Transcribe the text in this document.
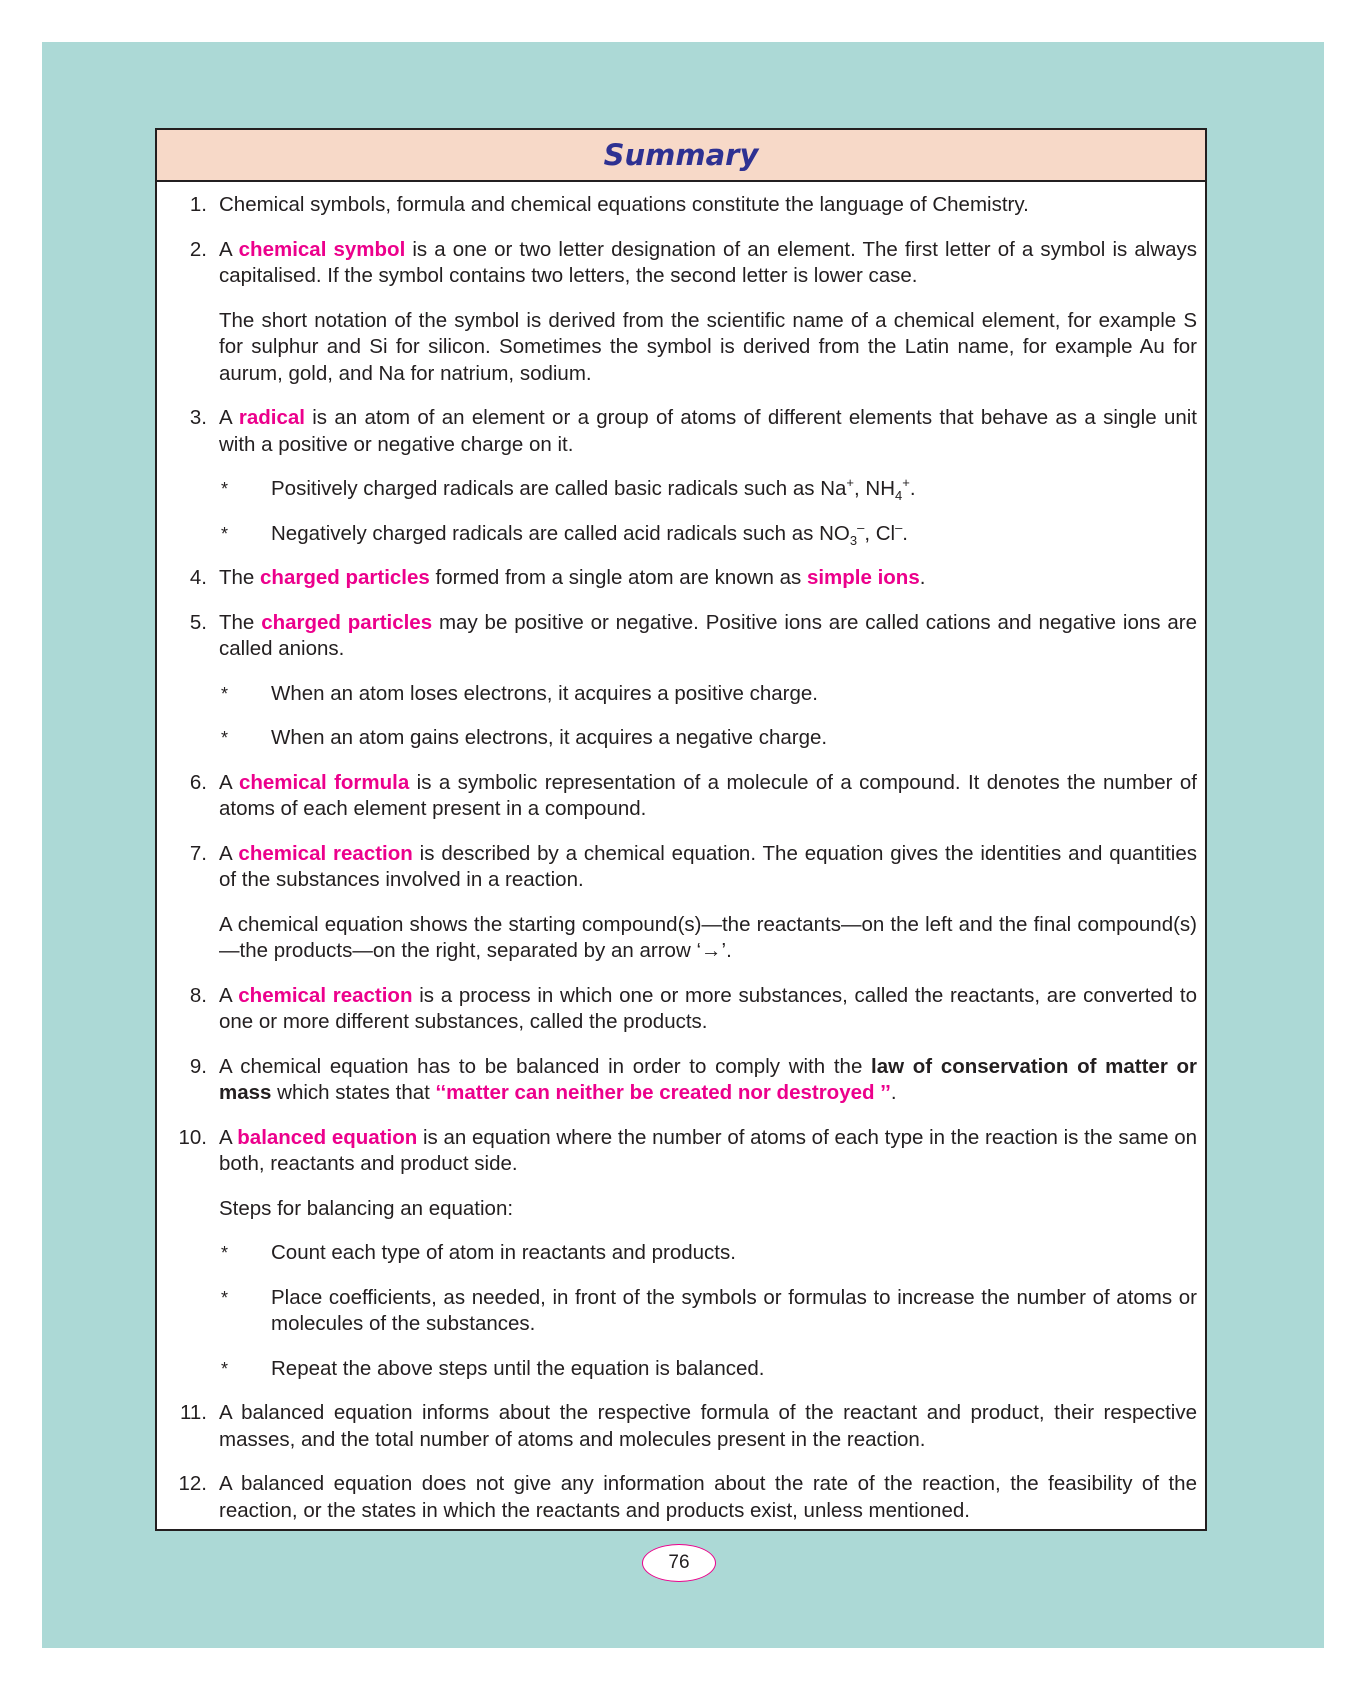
Summary
1. Chemical symbols, formula and chemical equations constitute the language of Chemistry.

2. A chemical symbol is a one or two letter designation of an element. The first letter of a symbol is always capitalised. If the symbol contains two letters, the second letter is lower case.

The short notation of the symbol is derived from the scientific name of a chemical element, for example S for sulphur and Si for silicon. Sometimes the symbol is derived from the Latin name, for example Au for aurum, gold, and Na for natrium, sodium.

3. A radical is an atom of an element or a group of atoms of different elements that behave as a single unit with a positive or negative charge on it.

*	Positively charged radicals are called basic radicals such as Na+, $NH_4^+$.
*	Negatively charged radicals are called acid radicals such as $NO_3^-$, Cl–.
4. The charged particles formed from a single atom are known as simple ions.

5. The charged particles may be positive or negative. Positive ions are called cations and negative ions are called anions.

*	When an atom loses electrons, it acquires a positive charge.
*	When an atom gains electrons, it acquires a negative charge.
6. A chemical formula is a symbolic representation of a molecule of a compound. It denotes the number of atoms of each element present in a compound.

7. A chemical reaction is described by a chemical equation. The equation gives the identities and quantities of the substances involved in a reaction.

A chemical equation shows the starting compound(s)—the reactants—on the left and the final compound(s)—the products—on the right, separated by an arrow ‘→’.

8. A chemical reaction is a process in which one or more substances, called the reactants, are converted to one or more different substances, called the products.

9. A chemical equation has to be balanced in order to comply with the law of conservation of matter or mass which states that ‘‘matter can neither be created nor destroyed ’’.

10. A balanced equation is an equation where the number of atoms of each type in the reaction is the same on both, reactants and product side.

Steps for balancing an equation:

*	Count each type of atom in reactants and products.
*	Place coefficients, as needed, in front of the symbols or formulas to increase the number of atoms or molecules of the substances.
*	Repeat the above steps until the equation is balanced.
11. A balanced equation informs about the respective formula of the reactant and product, their respective masses, and the total number of atoms and molecules present in the reaction.

12. A balanced equation does not give any information about the rate of the reaction, the feasibility of the reaction, or the states in which the reactants and products exist, unless mentioned.

76
